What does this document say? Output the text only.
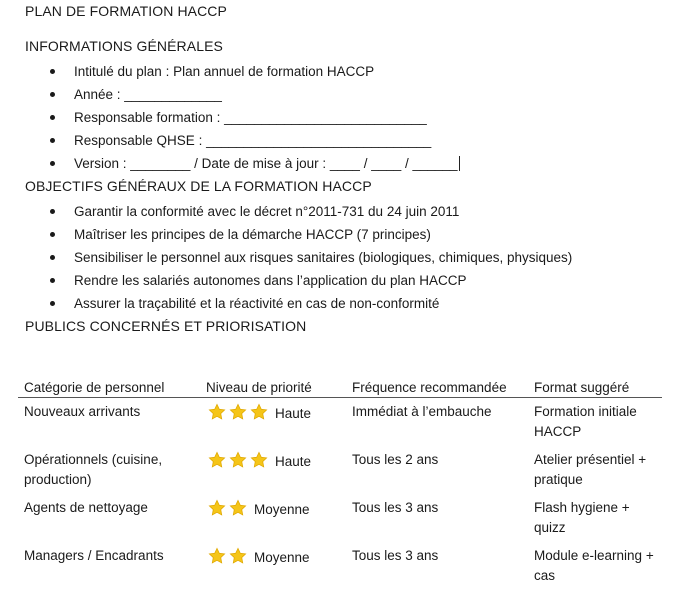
PLAN DE FORMATION HACCP
INFORMATIONS GÉNÉRALES
Intitulé du plan : Plan annuel de formation HACCP
Année : _____________
Responsable formation : ___________________________
Responsable QHSE : ______________________________
Version : ________ / Date de mise à jour : ____ / ____ / ______
OBJECTIFS GÉNÉRAUX DE LA FORMATION HACCP
Garantir la conformité avec le décret n°2011-731 du 24 juin 2011
Maîtriser les principes de la démarche HACCP (7 principes)
Sensibiliser le personnel aux risques sanitaires (biologiques, chimiques, physiques)
Rendre les salariés autonomes dans l’application du plan HACCP
Assurer la traçabilité et la réactivité en cas de non-conformité
PUBLICS CONCERNÉS ET PRIORISATION
Catégorie de personnel	Niveau de priorité	Fréquence recommandée	Format suggéré
Nouveaux arrivants	Haute	Immédiat à l’embauche	Formation initiale HACCP
Opérationnels (cuisine, production)	Haute	Tous les 2 ans	Atelier présentiel + pratique
Agents de nettoyage	Moyenne	Tous les 3 ans	Flash hygiene + quizz
Managers / Encadrants	Moyenne	Tous les 3 ans	Module e-learning + cas
